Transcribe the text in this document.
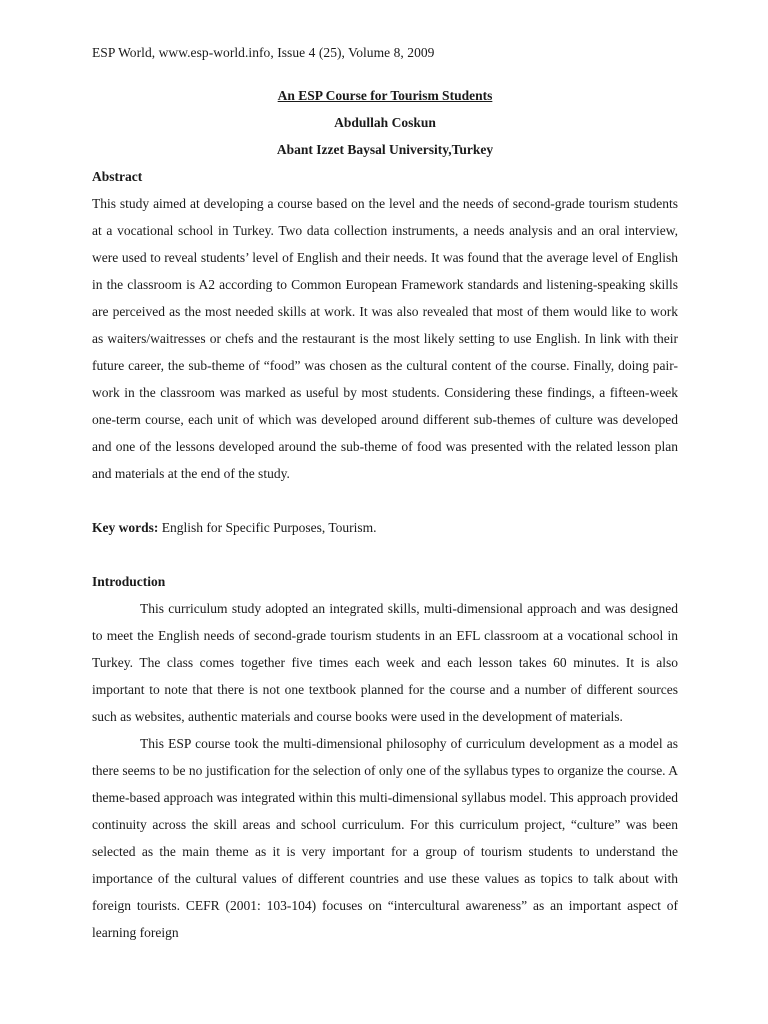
ESP World, www.esp-world.info, Issue 4 (25), Volume 8, 2009
An ESP Course for Tourism Students
Abdullah Coskun
Abant Izzet Baysal University,Turkey
Abstract

This study aimed at developing a course based on the level and the needs of second-grade tourism students at a vocational school in Turkey. Two data collection instruments, a needs analysis and an oral interview, were used to reveal students’ level of English and their needs. It was found that the average level of English in the classroom is A2 according to Common European Framework standards and listening-speaking skills are perceived as the most needed skills at work. It was also revealed that most of them would like to work as waiters/waitresses or chefs and the restaurant is the most likely setting to use English. In link with their future career, the sub-theme of “food” was chosen as the cultural content of the course. Finally, doing pair-work in the classroom was marked as useful by most students. Considering these findings, a fifteen-week one-term course, each unit of which was developed around different sub-themes of culture was developed and one of the lessons developed around the sub-theme of food was presented with the related lesson plan and materials at the end of the study.

Key words: English for Specific Purposes, Tourism.

Introduction

This curriculum study adopted an integrated skills, multi-dimensional approach and was designed to meet the English needs of second-grade tourism students in an EFL classroom at a vocational school in Turkey. The class comes together five times each week and each lesson takes 60 minutes. It is also important to note that there is not one textbook planned for the course and a number of different sources such as websites, authentic materials and course books were used in the development of materials.

This ESP course took the multi-dimensional philosophy of curriculum development as a model as there seems to be no justification for the selection of only one of the syllabus types to organize the course. A theme-based approach was integrated within this multi-dimensional syllabus model. This approach provided continuity across the skill areas and school curriculum. For this curriculum project, “culture” was been selected as the main theme as it is very important for a group of tourism students to understand the importance of the cultural values of different countries and use these values as topics to talk about with foreign tourists. CEFR (2001: 103-104) focuses on “intercultural awareness” as an important aspect of learning foreign
